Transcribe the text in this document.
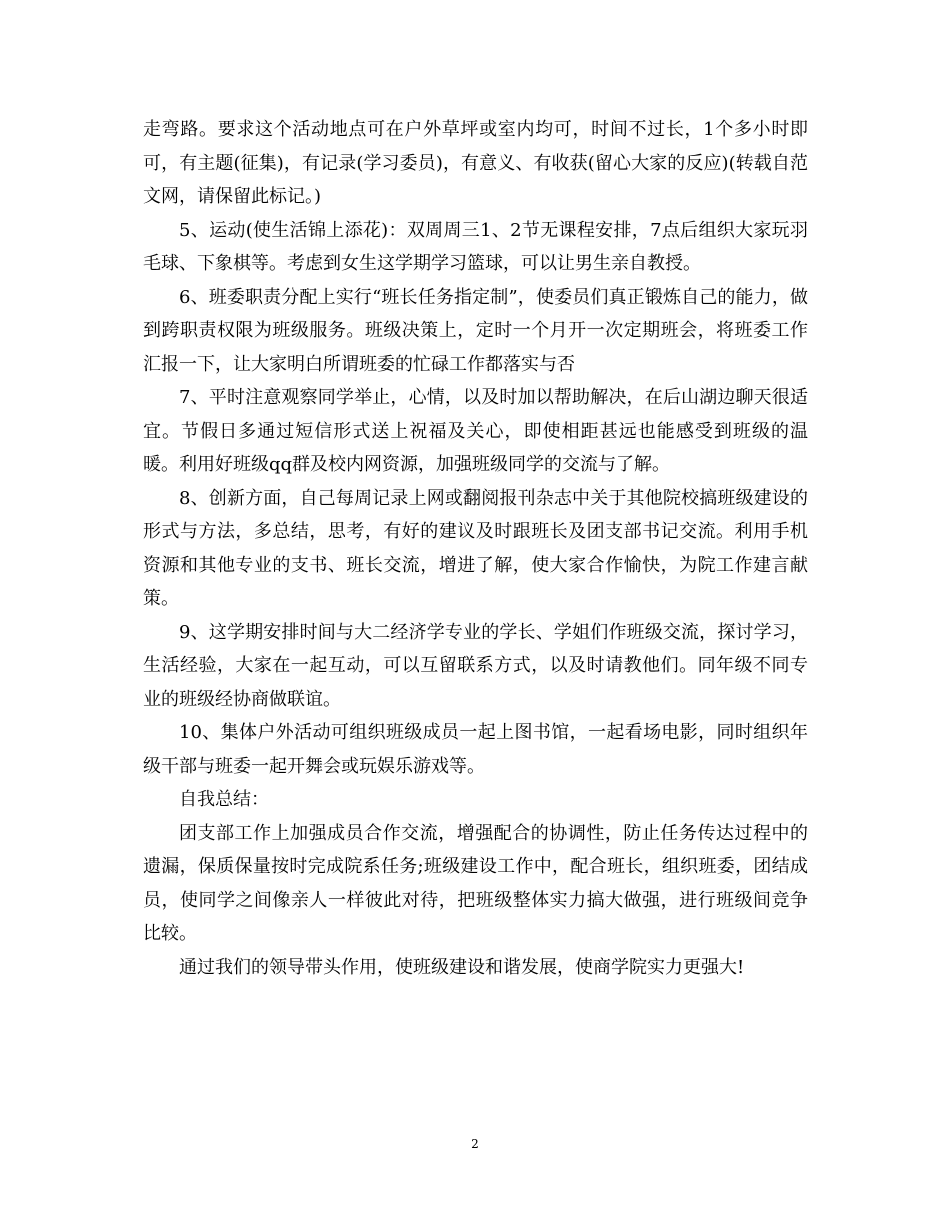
走弯路。要求这个活动地点可在户外草坪或室内均可，时间不过长，1个多小时即可，有主题(征集)，有记录(学习委员)，有意义、有收获(留心大家的反应)(转载自范文网，请保留此标记。)

5、运动(使生活锦上添花)：双周周三1、2节无课程安排，7点后组织大家玩羽毛球、下象棋等。考虑到女生这学期学习篮球，可以让男生亲自教授。

6、班委职责分配上实行“班长任务指定制”，使委员们真正锻炼自己的能力，做到跨职责权限为班级服务。班级决策上，定时一个月开一次定期班会，将班委工作汇报一下，让大家明白所谓班委的忙碌工作都落实与否

7、平时注意观察同学举止，心情，以及时加以帮助解决，在后山湖边聊天很适宜。节假日多通过短信形式送上祝福及关心，即使相距甚远也能感受到班级的温暖。利用好班级qq群及校内网资源，加强班级同学的交流与了解。

8、创新方面，自己每周记录上网或翻阅报刊杂志中关于其他院校搞班级建设的形式与方法，多总结，思考，有好的建议及时跟班长及团支部书记交流。利用手机资源和其他专业的支书、班长交流，增进了解，使大家合作愉快，为院工作建言献策。

9、这学期安排时间与大二经济学专业的学长、学姐们作班级交流，探讨学习，生活经验，大家在一起互动，可以互留联系方式，以及时请教他们。同年级不同专业的班级经协商做联谊。

10、集体户外活动可组织班级成员一起上图书馆，一起看场电影，同时组织年级干部与班委一起开舞会或玩娱乐游戏等。

自我总结：

团支部工作上加强成员合作交流，增强配合的协调性，防止任务传达过程中的遗漏，保质保量按时完成院系任务;班级建设工作中，配合班长，组织班委，团结成员，使同学之间像亲人一样彼此对待，把班级整体实力搞大做强，进行班级间竞争比较。

通过我们的领导带头作用，使班级建设和谐发展，使商学院实力更强大!

2
